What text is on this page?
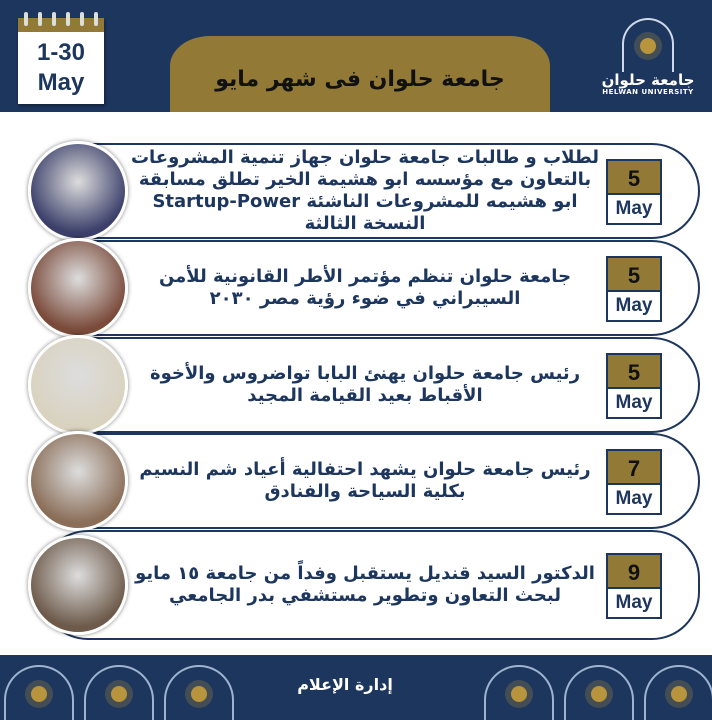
1-30
May	جامعة حلوان فى شهر مايو	جامعة حلوان
HELWAN UNIVERSITY
لطلاب و طالبات جامعة حلوان جهاز تنمية المشروعات بالتعاون مع مؤسسه ابو هشيمة الخير تطلق مسابقة ابو هشيمه للمشروعات الناشئة Startup-Power النسخة الثالثة
5
May
جامعة حلوان تنظم مؤتمر الأطر القانونية للأمن السيبراني في ضوء رؤية مصر ٢٠٣٠
5
May
رئيس جامعة حلوان يهنئ البابا تواضروس والأخوة الأقباط بعيد القيامة المجيد
5
May
رئيس جامعة حلوان يشهد احتفالية أعياد شم النسيم بكلية السياحة والفنادق
7
May
الدكتور السيد قنديل يستقبل وفداً من جامعة ١٥ مايو لبحث التعاون وتطوير مستشفي بدر الجامعي
9
May
إدارة الإعلام
